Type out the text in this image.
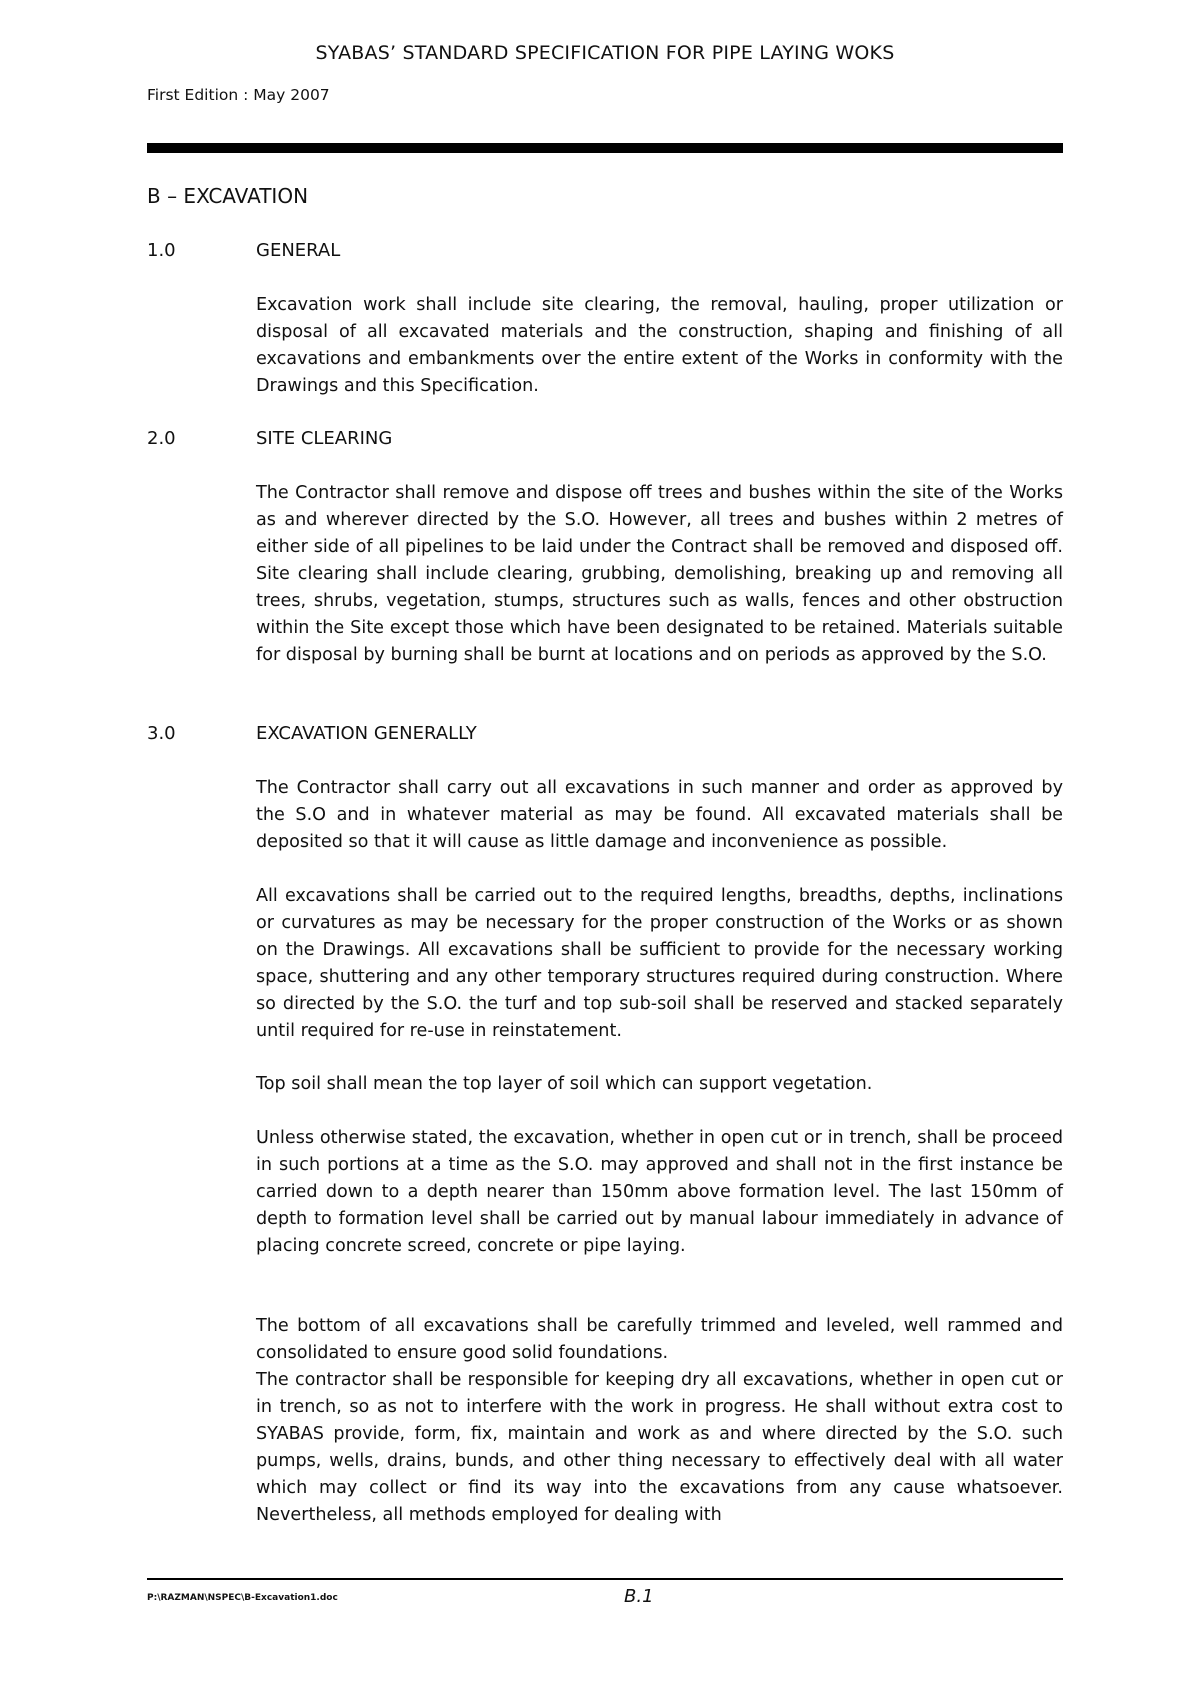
SYABAS’ STANDARD SPECIFICATION FOR PIPE LAYING WOKS
First Edition : May 2007
B – EXCAVATION
1.0	GENERAL

Excavation work shall include site clearing, the removal, hauling, proper utilization or disposal of all excavated materials and the construction, shaping and finishing of all excavations and embankments over the entire extent of the Works in conformity with the Drawings and this Specification.

2.0	SITE CLEARING

The Contractor shall remove and dispose off trees and bushes within the site of the Works as and wherever directed by the S.O. However, all trees and bushes within 2 metres of either side of all pipelines to be laid under the Contract shall be removed and disposed off. Site clearing shall include clearing, grubbing, demolishing, breaking up and removing all trees, shrubs, vegetation, stumps, structures such as walls, fences and other obstruction within the Site except those which have been designated to be retained. Materials suitable for disposal by burning shall be burnt at locations and on periods as approved by the S.O.

3.0	EXCAVATION GENERALLY

The Contractor shall carry out all excavations in such manner and order as approved by the S.O and in whatever material as may be found. All excavated materials shall be deposited so that it will cause as little damage and inconvenience as possible.

All excavations shall be carried out to the required lengths, breadths, depths, inclinations or curvatures as may be necessary for the proper construction of the Works or as shown on the Drawings. All excavations shall be sufficient to provide for the necessary working space, shuttering and any other temporary structures required during construction. Where so directed by the S.O. the turf and top sub-soil shall be reserved and stacked separately until required for re-use in reinstatement.

Top soil shall mean the top layer of soil which can support vegetation.

Unless otherwise stated, the excavation, whether in open cut or in trench, shall be proceed in such portions at a time as the S.O. may approved and shall not in the first instance be carried down to a depth nearer than 150mm above formation level. The last 150mm of depth to formation level shall be carried out by manual labour immediately in advance of placing concrete screed, concrete or pipe laying.

The bottom of all excavations shall be carefully trimmed and leveled, well rammed and consolidated to ensure good solid foundations.

The contractor shall be responsible for keeping dry all excavations, whether in open cut or in trench, so as not to interfere with the work in progress. He shall without extra cost to SYABAS provide, form, fix, maintain and work as and where directed by the S.O. such pumps, wells, drains, bunds, and other thing necessary to effectively deal with all water which may collect or find its way into the excavations from any cause whatsoever. Nevertheless, all methods employed for dealing with

P:\RAZMAN\NSPEC\B-Excavation1.doc	B.1
